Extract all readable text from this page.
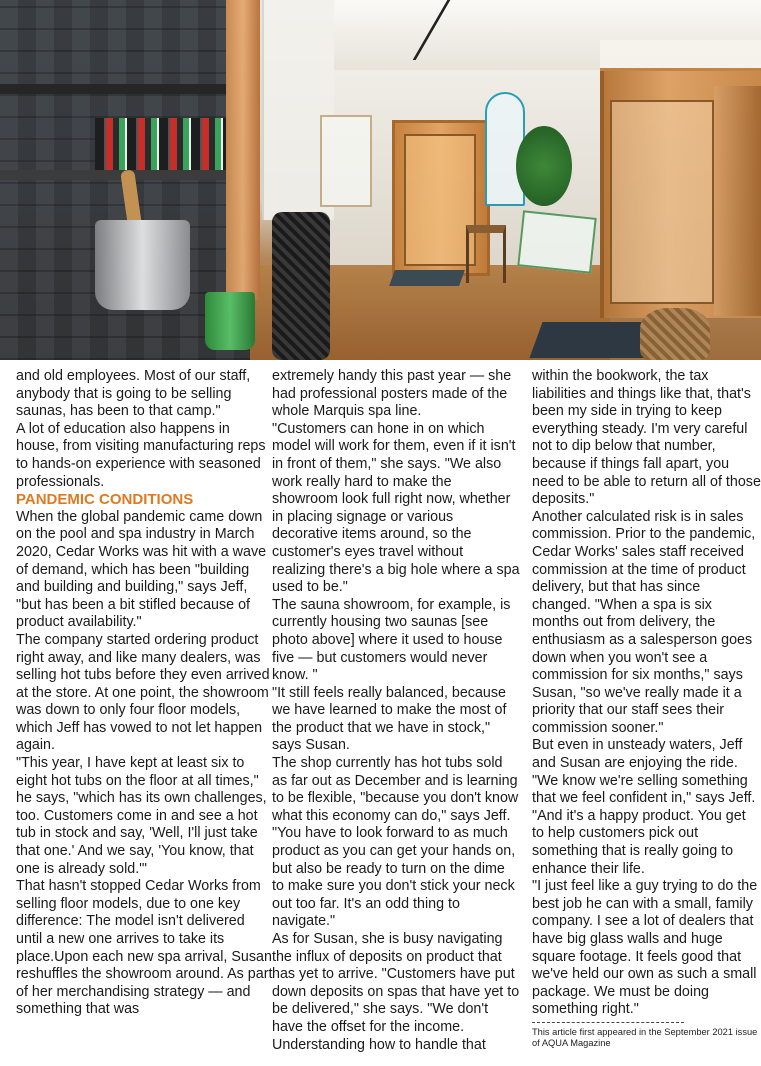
and old employees. Most of our staff, anybody that is going to be selling saunas, has been to that camp."

A lot of education also happens in house, from visiting manufacturing reps to hands-on experience with seasoned professionals.

PANDEMIC CONDITIONS

When the global pandemic came down on the pool and spa industry in March 2020, Cedar Works was hit with a wave of demand, which has been "building and building and building," says Jeff, "but has been a bit stifled because of product availability."

The company started ordering product right away, and like many dealers, was selling hot tubs before they even arrived at the store. At one point, the showroom was down to only four floor models, which Jeff has vowed to not let happen again.

"This year, I have kept at least six to eight hot tubs on the floor at all times," he says, "which has its own challenges, too. Customers come in and see a hot tub in stock and say, 'Well, I'll just take that one.' And we say, 'You know, that one is already sold.'"

That hasn't stopped Cedar Works from selling floor models, due to one key difference: The model isn't delivered until a new one arrives to take its place.Upon each new spa arrival, Susan reshuffles the showroom around. As part of her merchandising strategy — and something that was

extremely handy this past year — she had professional posters made of the whole Marquis spa line.

"Customers can hone in on which model will work for them, even if it isn't in front of them," she says. "We also work really hard to make the showroom look full right now, whether in placing signage or various decorative items around, so the customer's eyes travel without realizing there's a big hole where a spa used to be."

The sauna showroom, for example, is currently housing two saunas [see photo above] where it used to house five — but customers would never know. "

"It still feels really balanced, because we have learned to make the most of the product that we have in stock," says Susan.

The shop currently has hot tubs sold as far out as December and is learning to be flexible, "because you don't know what this economy can do," says Jeff. "You have to look forward to as much product as you can get your hands on, but also be ready to turn on the dime to make sure you don't stick your neck out too far. It's an odd thing to navigate."

As for Susan, she is busy navigating the influx of deposits on product that has yet to arrive. "Customers have put down deposits on spas that have yet to be delivered," she says. "We don't have the offset for the income. Understanding how to handle that

within the bookwork, the tax liabilities and things like that, that's been my side in trying to keep everything steady. I'm very careful not to dip below that number, because if things fall apart, you need to be able to return all of those deposits."

Another calculated risk is in sales commission. Prior to the pandemic, Cedar Works' sales staff received commission at the time of product delivery, but that has since changed. "When a spa is six months out from delivery, the enthusiasm as a salesperson goes down when you won't see a commission for six months," says Susan, "so we've really made it a priority that our staff sees their commission sooner."

But even in unsteady waters, Jeff and Susan are enjoying the ride. "We know we're selling something that we feel confident in," says Jeff. "And it's a happy product. You get to help customers pick out something that is really going to enhance their life.

"I just feel like a guy trying to do the best job he can with a small, family company. I see a lot of dealers that have big glass walls and huge square footage. It feels good that we've held our own as such a small package. We must be doing something right."

This article first appeared in the September 2021 issue of AQUA Magazine
